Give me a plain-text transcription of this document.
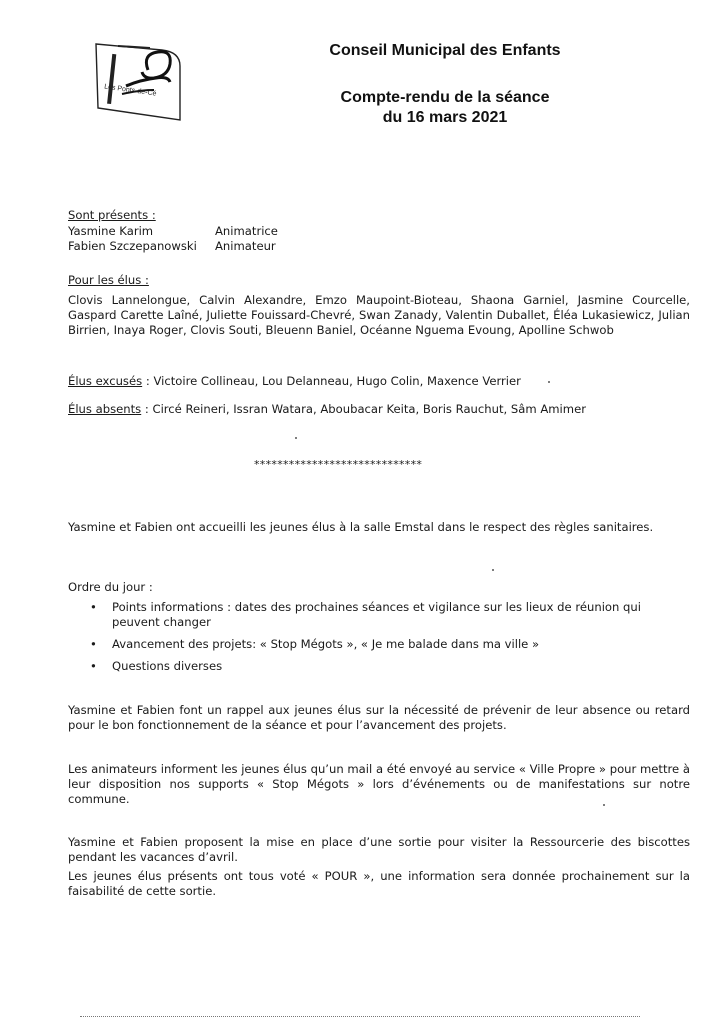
Les Ponts-de-Cé
Conseil Municipal des Enfants
Compte-rendu de la séance
du 16 mars 2021
Sont présents :
Yasmine Karim	Animatrice
Fabien Szczepanowski	Animateur
Pour les élus :
Clovis Lannelongue, Calvin Alexandre, Emzo Maupoint-Bioteau, Shaona Garniel, Jasmine Courcelle, Gaspard Carette Laîné, Juliette Fouissard-Chevré, Swan Zanady, Valentin Duballet, Éléa Lukasiewicz, Julian Birrien, Inaya Roger, Clovis Souti, Bleuenn Baniel, Océanne Nguema Evoung, Apolline Schwob
Élus excusés : Victoire Collineau, Lou Delanneau, Hugo Colin, Maxence Verrier
Élus absents : Circé Reineri, Issran Watara, Aboubacar Keita, Boris Rauchut, Sâm Amimer
*****************************
Yasmine et Fabien ont accueilli les jeunes élus à la salle Emstal dans le respect des règles sanitaires.
Ordre du jour :
• Points informations : dates des prochaines séances et vigilance sur les lieux de réunion qui peuvent changer
• Avancement des projets: « Stop Mégots », « Je me balade dans ma ville »
• Questions diverses
Yasmine et Fabien font un rappel aux jeunes élus sur la nécessité de prévenir de leur absence ou retard pour le bon fonctionnement de la séance et pour l’avancement des projets.
Les animateurs informent les jeunes élus qu’un mail a été envoyé au service « Ville Propre » pour mettre à leur disposition nos supports « Stop Mégots » lors d’événements ou de manifestations sur notre commune.
Yasmine et Fabien proposent la mise en place d’une sortie pour visiter la Ressourcerie des biscottes pendant les vacances d’avril.
Les jeunes élus présents ont tous voté « POUR », une information sera donnée prochainement sur la faisabilité de cette sortie.
